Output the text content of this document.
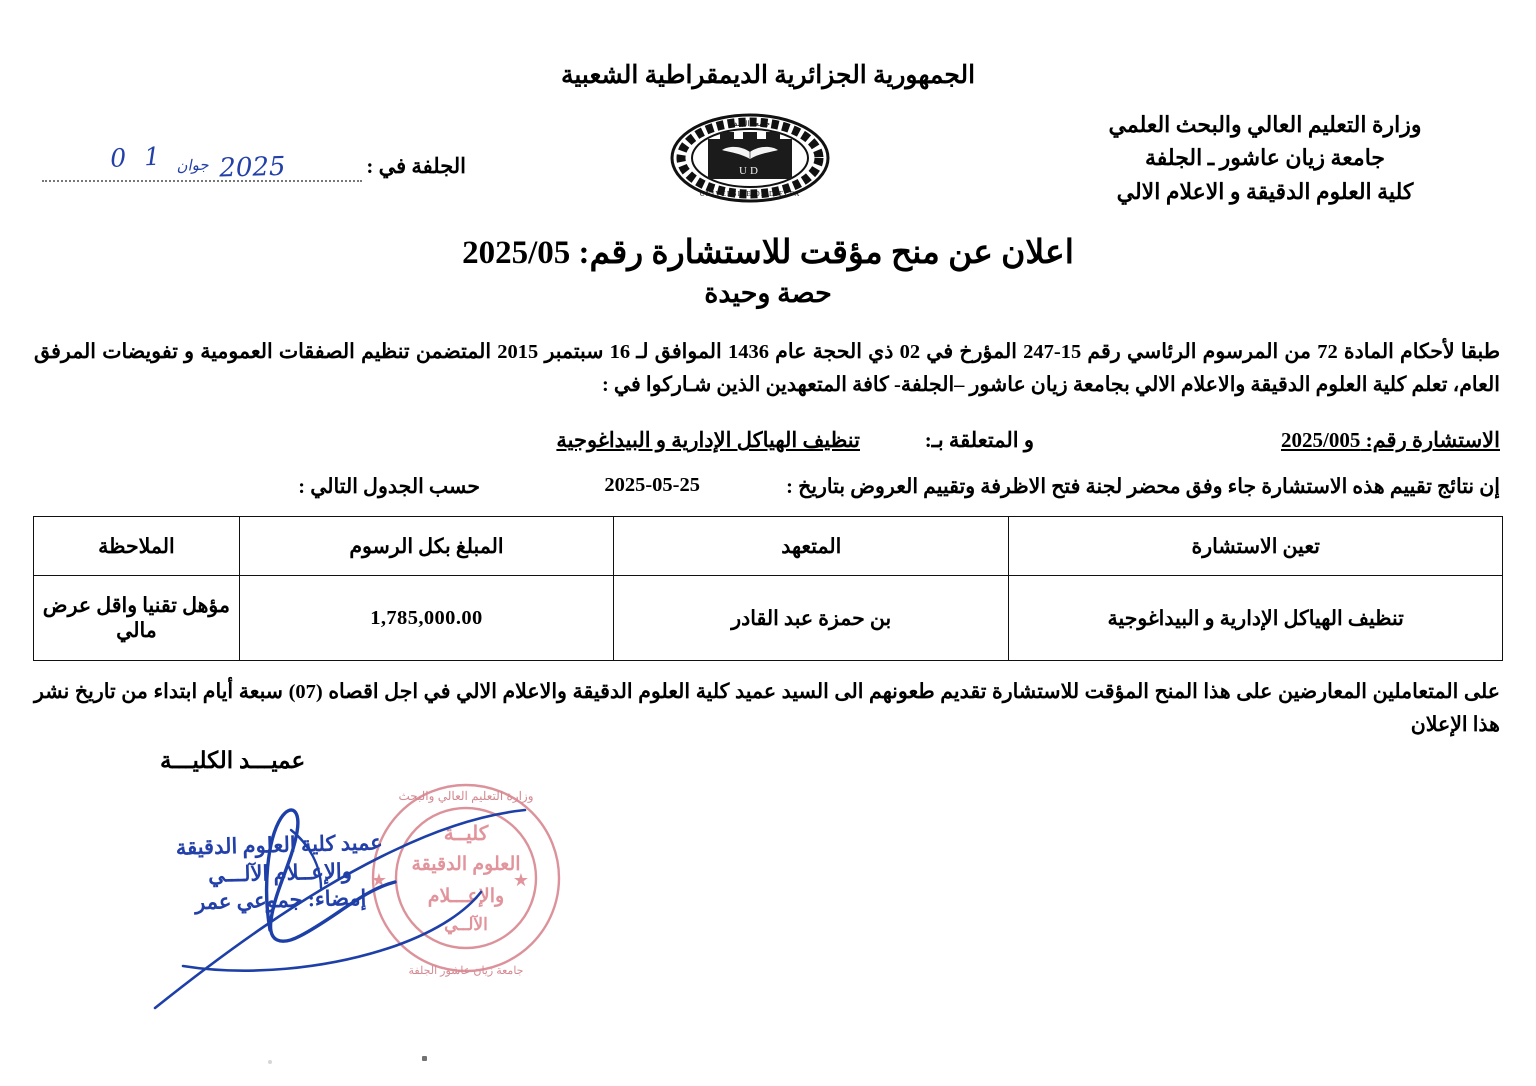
الجمهورية الجزائرية الديمقراطية الشعبية
UD
UNIVERSITE DE DJELFA
جامعة الجلفة	وزارة التعليم العالي والبحث العلمي
جامعة زيان عاشور ـ الجلفة
كلية العلوم الدقيقة و الاعلام الالي
الجلفة في :
2025 جوان 1 0
اعلان عن منح مؤقت للاستشارة رقم: 2025/05
حصة وحيدة
طبقا لأحكام المادة 72 من المرسوم الرئاسي رقم 15-247 المؤرخ في 02 ذي الحجة عام 1436 الموافق لـ 16 سبتمبر 2015 المتضمن تنظيم الصفقات العمومية و تفويضات المرفق العام، تعلم كلية العلوم الدقيقة والاعلام الالي بجامعة زيان عاشور –الجلفة- كافة المتعهدين الذين شـاركوا في :
الاستشارة رقم: 2025/005
و المتعلقة بـ:
تنظيف الهياكل الإدارية و البيداغوجية
إن نتائج تقييم هذه الاستشارة جاء وفق محضر لجنة فتح الاظرفة وتقييم العروض بتاريخ :
2025-05-25
حسب الجدول التالي :
تعين الاستشارة	المتعهد	المبلغ بكل الرسوم	الملاحظة
تنظيف الهياكل الإدارية و البيداغوجية	بن حمزة عبد القادر	1,785,000.00	مؤهل تقنيا واقل عرض مالي
على المتعاملين المعارضين على هذا المنح المؤقت للاستشارة تقديم طعونهم الى السيد عميد كلية العلوم الدقيقة والاعلام الالي في اجل اقصاه (07) سبعة أيام ابتداء من تاريخ نشر هذا الإعلان
عميـــد الكليـــة
وزارة التعليم العالي والبحث
جامعة زيان عاشور الجلفة
كليــة
العلوم الدقيقة
والإعـــلام
الآلــي
★	★
عميد كلية العلوم الدقيقة
والإعــلام الآلـــي
إمضاء: جموعي عمر
